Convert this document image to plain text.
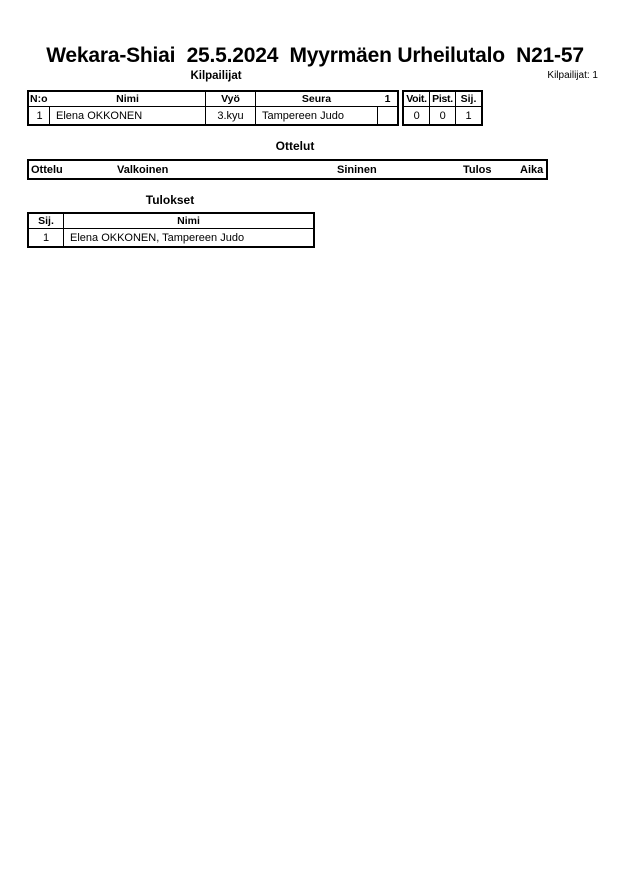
Wekara-Shiai  25.5.2024  Myyrmäen Urheilutalo  N21-57
Kilpailijat	Kilpailijat: 1
N:o	Nimi	Vyö	Seura	1
1	Elena OKKONEN	3.kyu	Tampereen Judo
Voit. Pist. Sij.
0	0	1
Ottelut
Ottelu	Valkoinen	Sininen	Tulos	Aika
Tulokset
Sij.	Nimi
1	Elena OKKONEN, Tampereen Judo
